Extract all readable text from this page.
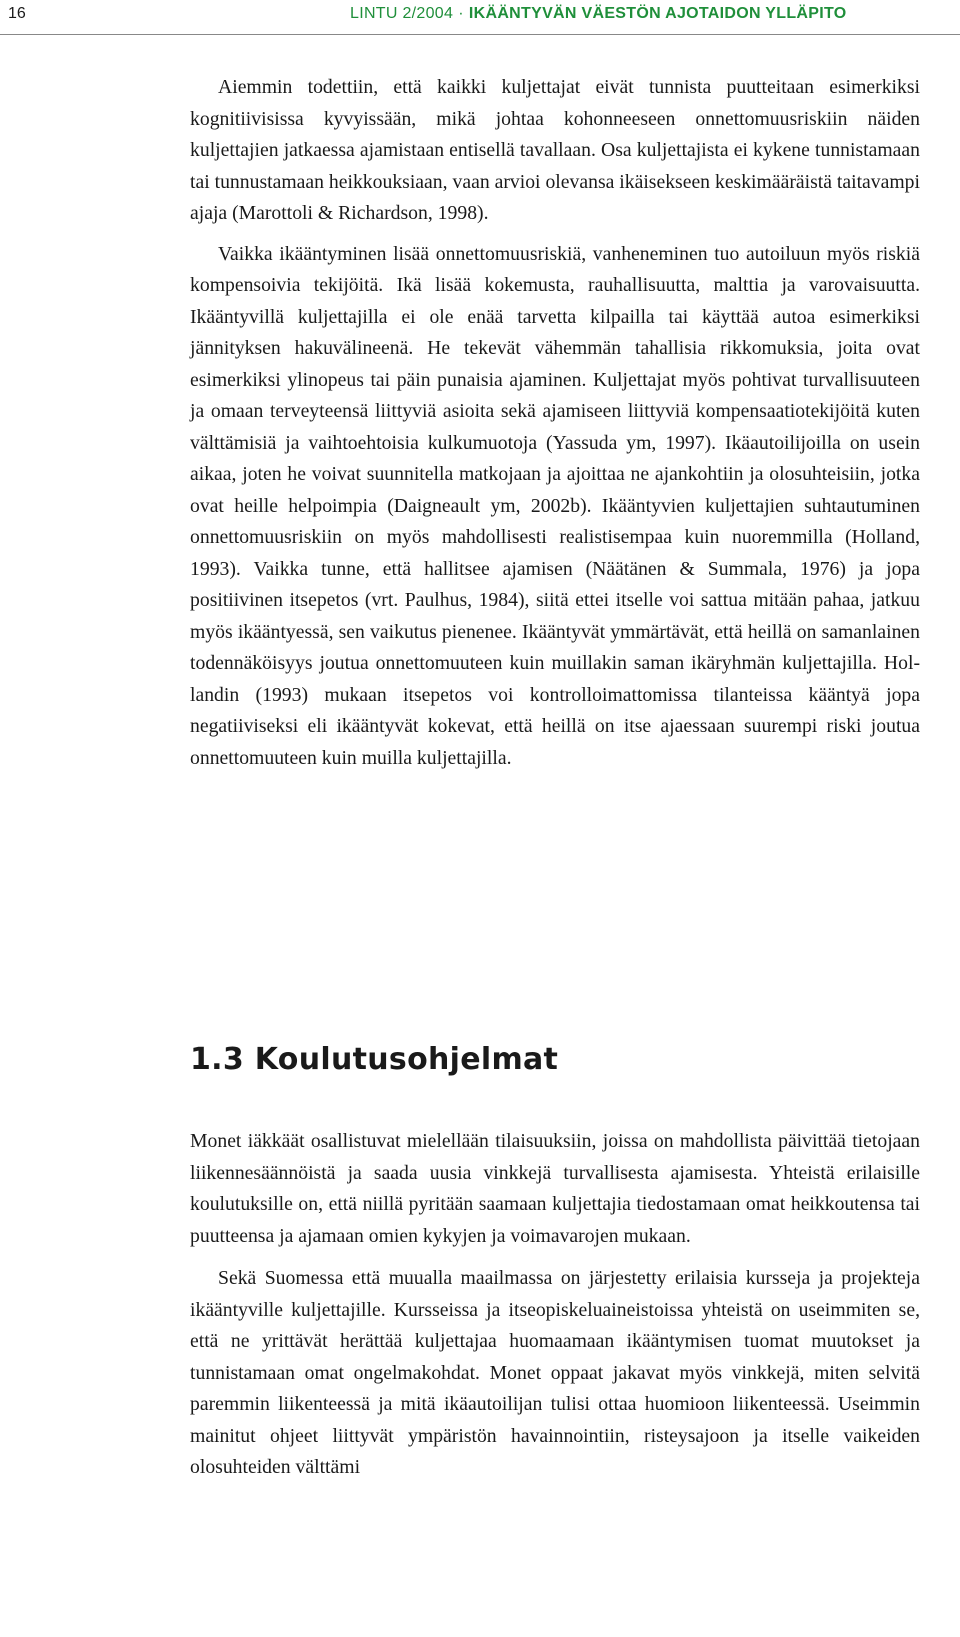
16	LINTU 2/2004 · IKÄÄNTYVÄN VÄESTÖN AJOTAIDON YLLÄPITO

Aiemmin todettiin, että kaikki kuljettajat eivät tunnista puutteitaan esimerkiksi kognitiivisissa kyvyissään, mikä johtaa kohonneeseen onnettomuusriskiin näiden kuljettajien jatkaessa ajamistaan entisellä tavallaan. Osa kuljettajista ei kykene tunnistamaan tai tunnustamaan heikkouksiaan, vaan arvioi olevansa ikäisekseen keskimääräistä taitavampi ajaja (Marottoli & Richardson, 1998).

Vaikka ikääntyminen lisää onnettomuusriskiä, vanheneminen tuo autoiluun myös riskiä kompensoivia tekijöitä. Ikä lisää kokemusta, rauhallisuutta, malttia ja varovaisuutta. Ikääntyvillä kuljettajilla ei ole enää tarvetta kilpailla tai käyttää autoa esimerkiksi jännityksen hakuvälineenä. He tekevät vähemmän tahallisia rikkomuksia, joita ovat esimerkiksi ylinopeus tai päin punaisia ajaminen. Kuljettajat myös pohtivat turvallisuuteen ja omaan terveyteensä liittyviä asioita sekä ajamiseen liittyviä kompensaatiotekijöitä kuten välttämisiä ja vaihtoehtoisia kulkumuotoja (Yassuda ym, 1997). Ikäautoilijoilla on usein aikaa, joten he voivat suunnitella matkojaan ja ajoittaa ne ajankohtiin ja olosuhteisiin, jotka ovat heille helpoimpia (Daigneault ym, 2002b). Ikääntyvien kuljettajien suhtautuminen onnettomuusriskiin on myös mahdollisesti realistisempaa kuin nuoremmilla (Holland, 1993). Vaikka tunne, että hallitsee ajamisen (Näätänen & Summala, 1976) ja jopa positiivinen itsepetos (vrt. Paulhus, 1984), siitä ettei itselle voi sattua mitään pahaa, jatkuu myös ikääntyessä, sen vaikutus pienenee. Ikääntyvät ymmärtävät, että heillä on samanlainen todennäköisyys joutua onnettomuuteen kuin muillakin saman ikäryhmän kuljettajilla. Hollandin (1993) mukaan itsepetos voi kontrolloimattomissa tilanteissa kääntyä jopa negatiiviseksi eli ikääntyvät kokevat, että heillä on itse ajaessaan suurempi riski joutua onnettomuuteen kuin muilla kuljettajilla.

1.3 Koulutusohjelmat

Monet iäkkäät osallistuvat mielellään tilaisuuksiin, joissa on mahdollista päivittää tietojaan liikennesäännöistä ja saada uusia vinkkejä turvallisesta ajamisesta. Yhteistä erilaisille koulutuksille on, että niillä pyritään saamaan kuljettajia tiedostamaan omat heikkoutensa tai puutteensa ja ajamaan omien kykyjen ja voimavarojen mukaan.

Sekä Suomessa että muualla maailmassa on järjestetty erilaisia kursseja ja projekteja ikääntyville kuljettajille. Kursseissa ja itseopiskeluaineistoissa yhteistä on useimmiten se, että ne yrittävät herättää kuljettajaa huomaamaan ikääntymisen tuomat muutokset ja tunnistamaan omat ongelmakohdat. Monet oppaat jakavat myös vinkkejä, miten selvitä paremmin liikenteessä ja mitä ikäautoilijan tulisi ottaa huomioon liikenteessä. Useimmin mainitut ohjeet liittyvät ympäristön havainnointiin, risteysajoon ja itselle vaikeiden olosuhteiden välttämi
